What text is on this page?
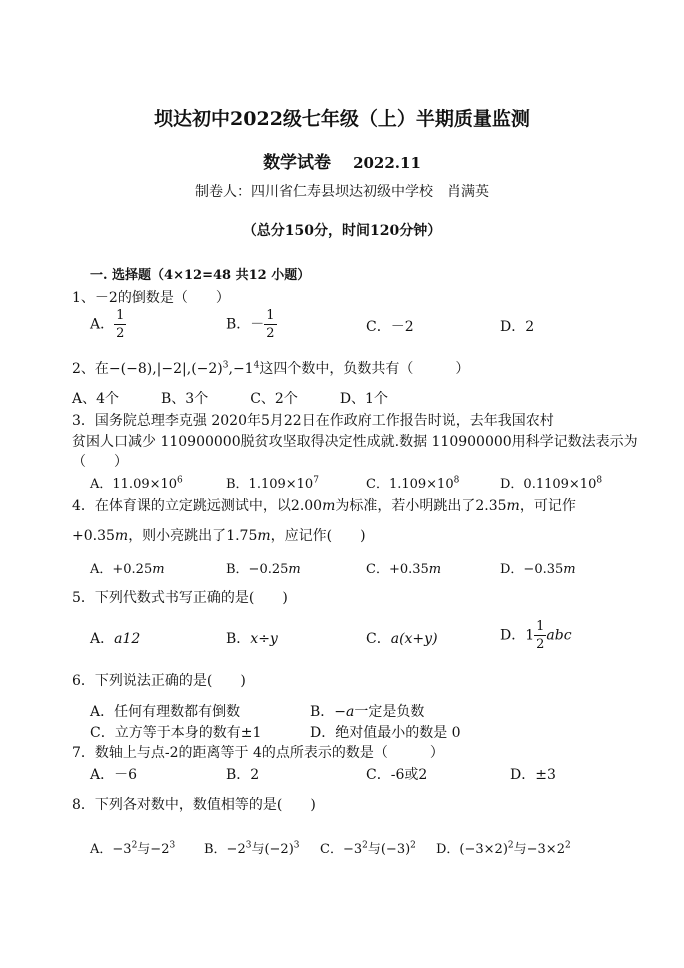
坝达初中2022级七年级（上）半期质量监测
数学试卷 2022.11
制卷人：四川省仁寿县坝达初级中学校　肖满英
（总分150分，时间120分钟）
一. 选择题（4×12=48 共12 小题）
1、－2的倒数是（　　）
A． $\frac{1}{2}$	B．－ $\frac{1}{2}$	C．－2	D．2
2、在$-(-8),|-2|,(-2)^3,-1^4$这四个数中，负数共有（　　　）
A、4个　　　B、3个　　　C、2个　　　D、1个
3．国务院总理李克强 2020年5月22日在作政府工作报告时说，去年我国农村
贫困人口减少 110900000脱贫攻坚取得决定性成就.数据 110900000用科学记数法表示为
（　　）
A．$11.09\times 10^6$	B．$1.109\times 10^7$	C．$1.109\times 10^8$	D．$0.1109\times 10^8$
4．在体育课的立定跳远测试中，以2.00m为标准，若小明跳出了2.35m，可记作
+0.35m，则小亮跳出了1.75m，应记作(　　)
A．+0.25m	B．−0.25m	C．+0.35m	D．−0.35m
5．下列代数式书写正确的是(　　)
A．a12	B．x÷y	C．a(x+y)	D．$1 \frac{1}{2}$ abc
6．下列说法正确的是(　　)
A．任何有理数都有倒数	B．−a一定是负数
C．立方等于本身的数有±1	D．绝对值最小的数是 0
7．数轴上与点-2的距离等于 4的点所表示的数是（　　　）
A．－6	B．2	C．-6或2	D．±3
8．下列各对数中，数值相等的是(　　)
A．$-3^2$与$-2^3$ B．$-2^3$与$(-2)^3$ C．$-3^2$与$(-3)^2$ D．$(-3\times 2)^2$与$-3\times 2^2$
